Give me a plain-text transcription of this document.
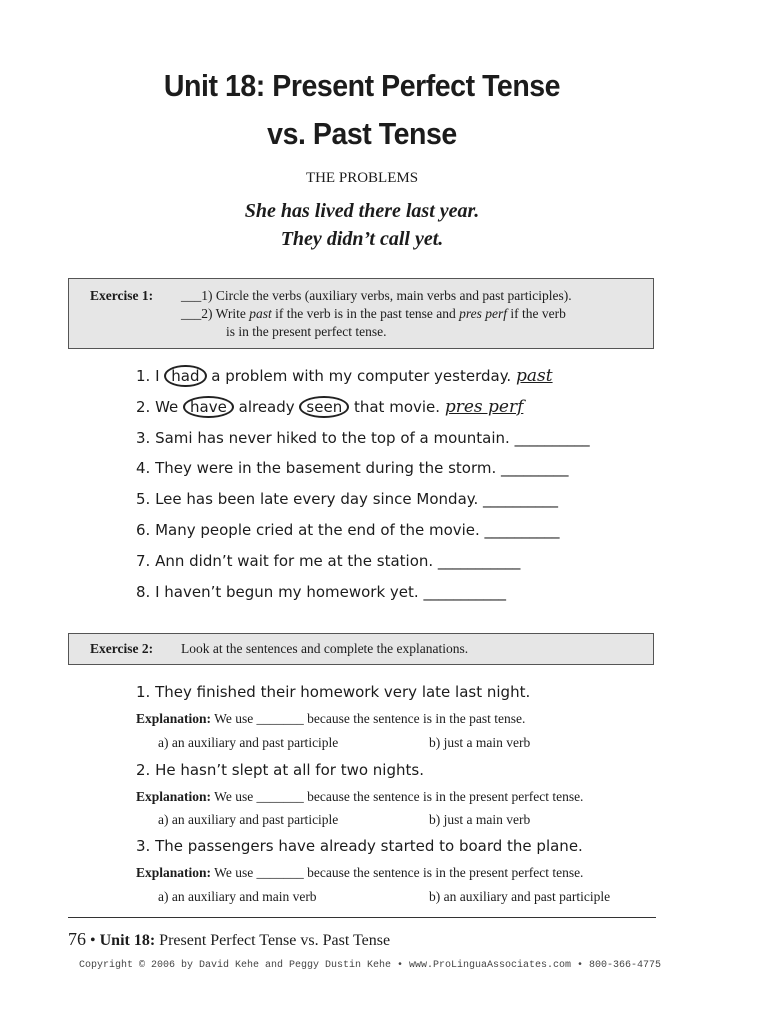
Unit 18: Present Perfect Tense
vs. Past Tense
THE PROBLEMS
She has lived there last year.
They didn’t call yet.
Exercise 1: ___1) Circle the verbs (auxiliary verbs, main verbs and past participles).
___2) Write past if the verb is in the past tense and pres perf if the verb
is in the present perfect tense.
1. I had a problem with my computer yesterday. past
2. We have already seen that movie. pres perf
3. Sami has never hiked to the top of a mountain. __________
4. They were in the basement during the storm. _________
5. Lee has been late every day since Monday. __________
6. Many people cried at the end of the movie. __________
7. Ann didn’t wait for me at the station. ___________
8. I haven’t begun my homework yet. ___________
Exercise 2: Look at the sentences and complete the explanations.
1. They finished their homework very late last night.
Explanation: We use _______ because the sentence is in the past tense.
a) an auxiliary and past participle	b) just a main verb
2. He hasn’t slept at all for two nights.
Explanation: We use _______ because the sentence is in the present perfect tense.
a) an auxiliary and past participle	b) just a main verb
3. The passengers have already started to board the plane.
Explanation: We use _______ because the sentence is in the present perfect tense.
a) an auxiliary and main verb	b) an auxiliary and past participle
76 • Unit 18: Present Perfect Tense vs. Past Tense
Copyright © 2006 by David Kehe and Peggy Dustin Kehe • www.ProLinguaAssociates.com • 800-366-4775
